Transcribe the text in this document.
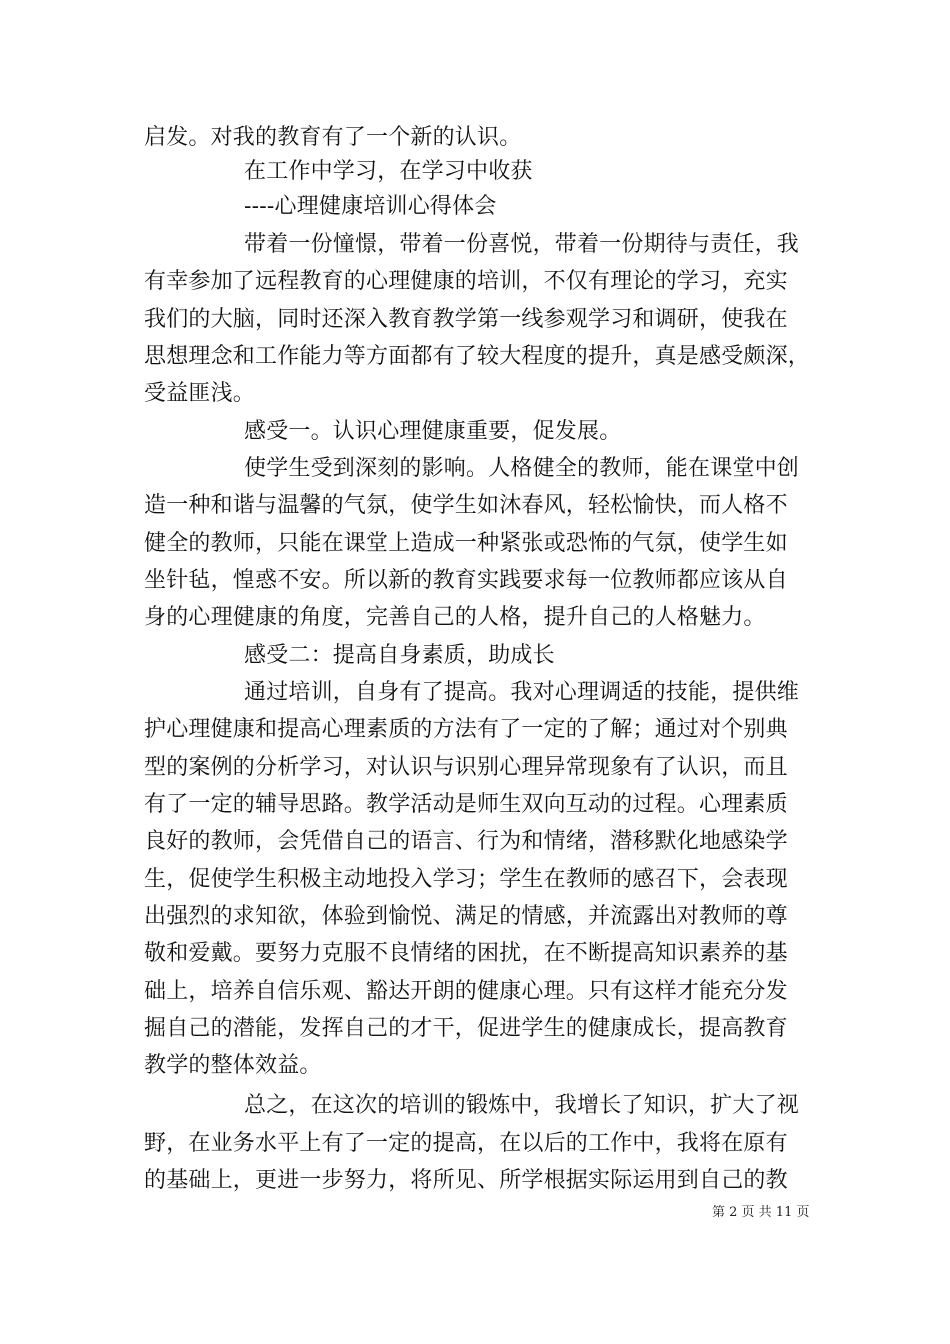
启发。对我的教育有了一个新的认识。
在工作中学习，在学习中收获
----心理健康培训心得体会
带着一份憧憬，带着一份喜悦，带着一份期待与责任，我
有幸参加了远程教育的心理健康的培训，不仅有理论的学习，充实
我们的大脑，同时还深入教育教学第一线参观学习和调研，使我在
思想理念和工作能力等方面都有了较大程度的提升，真是感受颇深，
受益匪浅。
感受一。认识心理健康重要，促发展。
使学生受到深刻的影响。人格健全的教师，能在课堂中创
造一种和谐与温馨的气氛，使学生如沐春风，轻松愉快，而人格不
健全的教师，只能在课堂上造成一种紧张或恐怖的气氛，使学生如
坐针毡，惶惑不安。所以新的教育实践要求每一位教师都应该从自
身的心理健康的角度，完善自己的人格，提升自己的人格魅力。
感受二：提高自身素质，助成长
通过培训，自身有了提高。我对心理调适的技能，提供维
护心理健康和提高心理素质的方法有了一定的了解；通过对个别典
型的案例的分析学习，对认识与识别心理异常现象有了认识，而且
有了一定的辅导思路。教学活动是师生双向互动的过程。心理素质
良好的教师，会凭借自己的语言、行为和情绪，潜移默化地感染学
生，促使学生积极主动地投入学习；学生在教师的感召下，会表现
出强烈的求知欲，体验到愉悦、满足的情感，并流露出对教师的尊
敬和爱戴。要努力克服不良情绪的困扰，在不断提高知识素养的基
础上，培养自信乐观、豁达开朗的健康心理。只有这样才能充分发
掘自己的潜能，发挥自己的才干，促进学生的健康成长，提高教育
教学的整体效益。
总之，在这次的培训的锻炼中，我增长了知识，扩大了视
野，在业务水平上有了一定的提高，在以后的工作中，我将在原有
的基础上，更进一步努力，将所见、所学根据实际运用到自己的教
第 2 页 共 11 页
